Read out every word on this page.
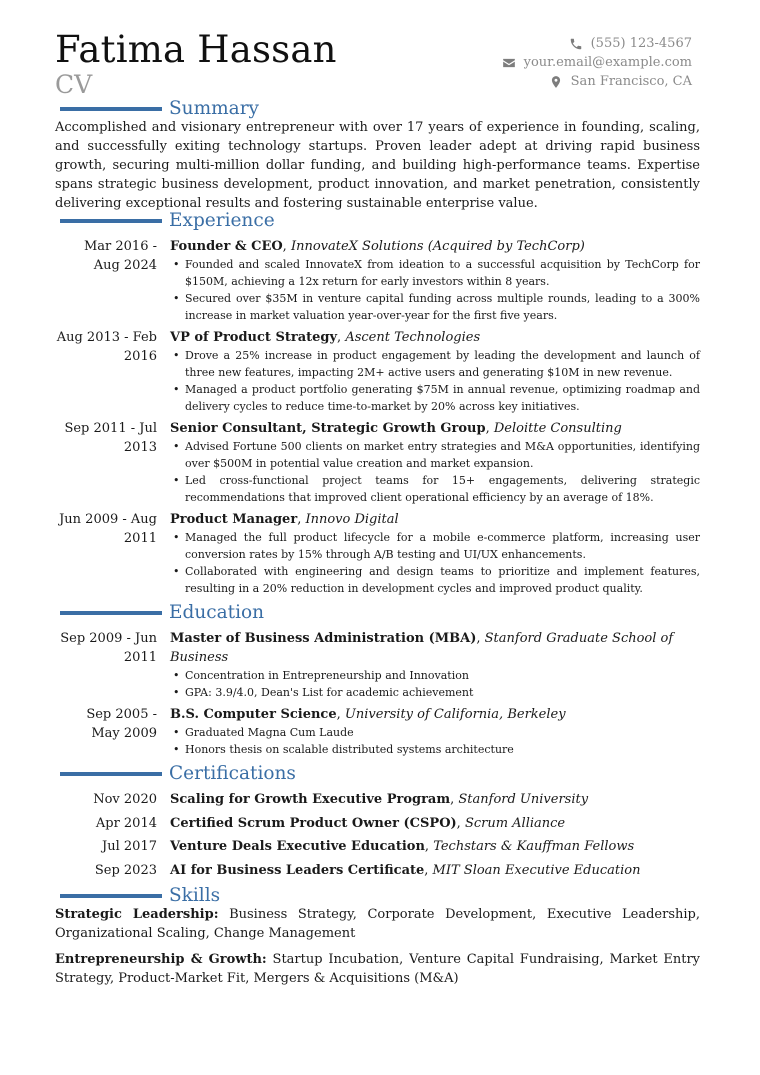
Fatima Hassan
CV
(555) 123-4567
your.email@example.com
San Francisco, CA
Summary
Accomplished and visionary entrepreneur with over 17 years of experience in founding, scaling, and successfully exiting technology startups. Proven leader adept at driving rapid business growth, securing multi-million dollar funding, and building high-performance teams. Expertise spans strategic business development, product innovation, and market penetration, consistently delivering exceptional results and fostering sustainable enterprise value.
Experience
Mar 2016 - Aug 2024
Founder & CEO, InnovateX Solutions (Acquired by TechCorp)
• Founded and scaled InnovateX from ideation to a successful acquisition by TechCorp for $150M, achieving a 12x return for early investors within 8 years.
• Secured over $35M in venture capital funding across multiple rounds, leading to a 300% increase in market valuation year-over-year for the first five years.
Aug 2013 - Feb 2016
VP of Product Strategy, Ascent Technologies
• Drove a 25% increase in product engagement by leading the development and launch of three new features, impacting 2M+ active users and generating $10M in new revenue.
• Managed a product portfolio generating $75M in annual revenue, optimizing roadmap and delivery cycles to reduce time-to-market by 20% across key initiatives.
Sep 2011 - Jul 2013
Senior Consultant, Strategic Growth Group, Deloitte Consulting
• Advised Fortune 500 clients on market entry strategies and M&A opportunities, identifying over $500M in potential value creation and market expansion.
• Led cross-functional project teams for 15+ engagements, delivering strategic recommendations that improved client operational efficiency by an average of 18%.
Jun 2009 - Aug 2011
Product Manager, Innovo Digital
• Managed the full product lifecycle for a mobile e-commerce platform, increasing user conversion rates by 15% through A/B testing and UI/UX enhancements.
• Collaborated with engineering and design teams to prioritize and implement features, resulting in a 20% reduction in development cycles and improved product quality.
Education
Sep 2009 - Jun 2011
Master of Business Administration (MBA), Stanford Graduate School of Business
• Concentration in Entrepreneurship and Innovation
• GPA: 3.9/4.0, Dean's List for academic achievement
Sep 2005 - May 2009
B.S. Computer Science, University of California, Berkeley
• Graduated Magna Cum Laude
• Honors thesis on scalable distributed systems architecture
Certifications
Nov 2020 Scaling for Growth Executive Program, Stanford University
Apr 2014 Certified Scrum Product Owner (CSPO), Scrum Alliance
Jul 2017 Venture Deals Executive Education, Techstars & Kauffman Fellows
Sep 2023 AI for Business Leaders Certificate, MIT Sloan Executive Education
Skills
Strategic Leadership: Business Strategy, Corporate Development, Executive Leadership, Organizational Scaling, Change Management
Entrepreneurship & Growth: Startup Incubation, Venture Capital Fundraising, Market Entry Strategy, Product-Market Fit, Mergers & Acquisitions (M&A)
